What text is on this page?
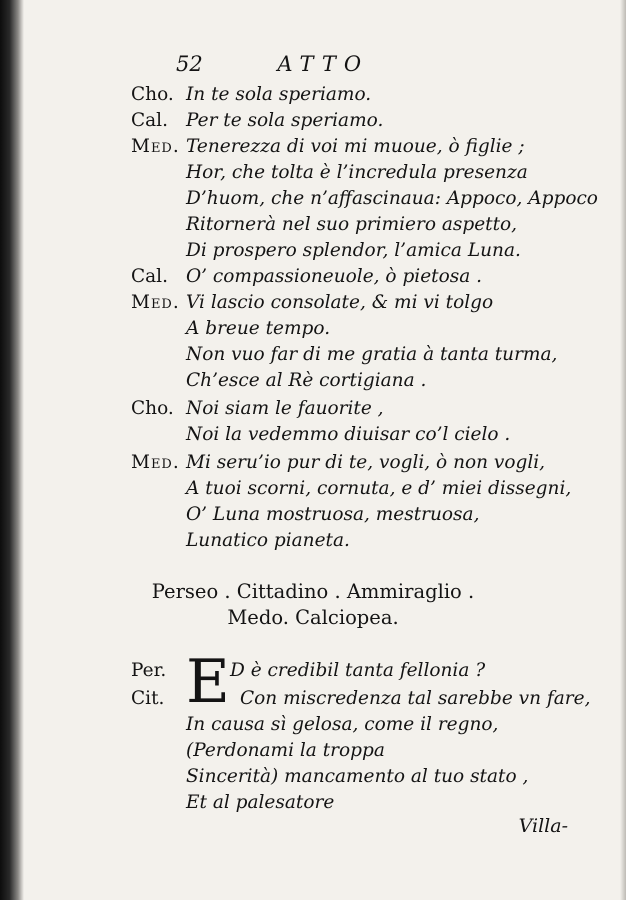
52	ATTO
Cho. In te sola speriamo.
Cal. Per te sola speriamo.
Med. Tenerezza di voi mi muoue, ò figlie ;
Hor, che tolta è l’incredula presenza
D’huom, che n’affascinaua: Appoco, Appoco
Ritornerà nel suo primiero aspetto,
Di prospero splendor, l’amica Luna.
Cal. O’ compassioneuole, ò pietosa .
Med. Vi lascio consolate, & mi vi tolgo
A breue tempo.
Non vuo far di me gratia à tanta turma,
Ch’esce al Rè cortigiana .
Cho. Noi siam le fauorite ,
Noi la vedemmo diuisar co’l cielo .
Med. Mi seru’io pur di te, vogli, ò non vogli,
A tuoi scorni, cornuta, e d’ miei dissegni,
O’ Luna mostruosa, mestruosa,
Lunatico pianeta.
Perseo . Cittadino . Ammiraglio .
Medo. Calciopea.
E
Per.	D è credibil tanta fellonia ?
Cit.	Con miscredenza tal sarebbe vn fare,
In causa sì gelosa, come il regno,
(Perdonami la troppa
Sincerità) mancamento al tuo stato ,
Et al palesatore
Villa-
